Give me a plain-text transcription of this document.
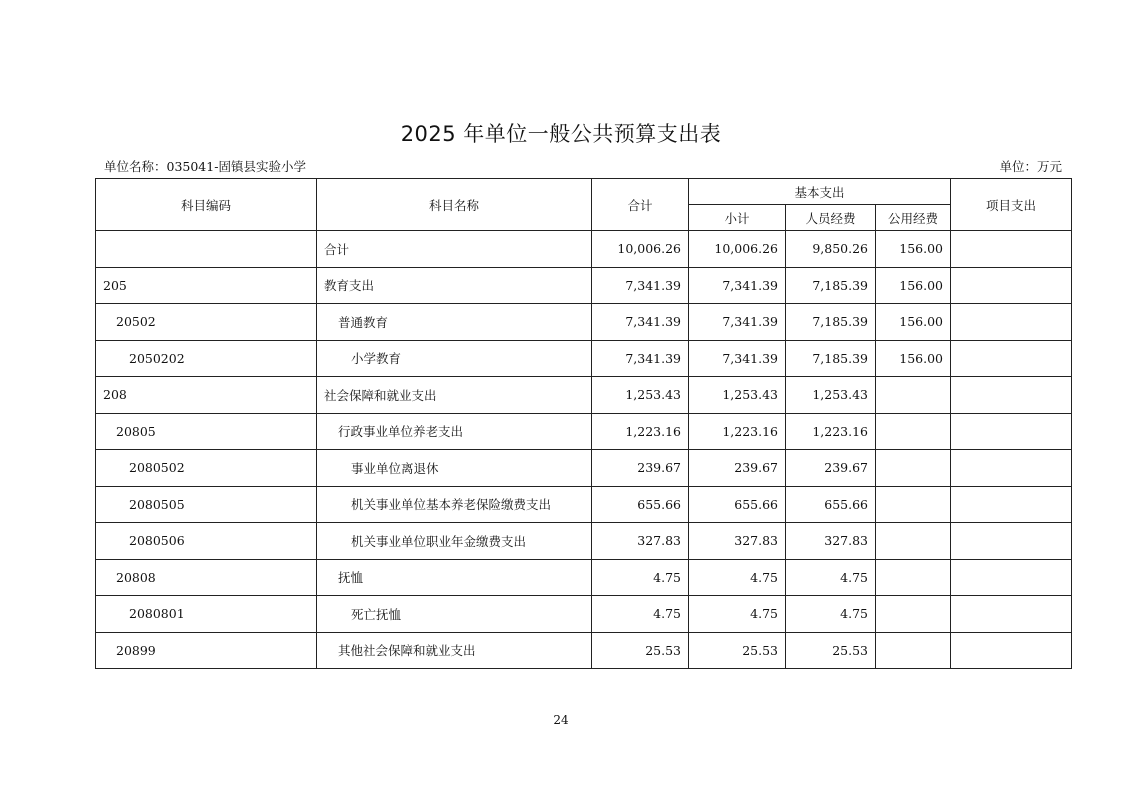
2025 年单位一般公共预算支出表
单位名称：035041-固镇县实验小学	单位：万元
科目编码	科目名称	合计	基本支出			项目支出
			小计	人员经费	公用经费	
	合计	10,006.26	10,006.26	9,850.26	156.00	
205	教育支出	7,341.39	7,341.39	7,185.39	156.00	
20502	普通教育	7,341.39	7,341.39	7,185.39	156.00	
2050202	小学教育	7,341.39	7,341.39	7,185.39	156.00	
208	社会保障和就业支出	1,253.43	1,253.43	1,253.43		
20805	行政事业单位养老支出	1,223.16	1,223.16	1,223.16		
2080502	事业单位离退休	239.67	239.67	239.67		
2080505	机关事业单位基本养老保险缴费支出	655.66	655.66	655.66		
2080506	机关事业单位职业年金缴费支出	327.83	327.83	327.83		
20808	抚恤	4.75	4.75	4.75		
2080801	死亡抚恤	4.75	4.75	4.75		
20899	其他社会保障和就业支出	25.53	25.53	25.53		
24
